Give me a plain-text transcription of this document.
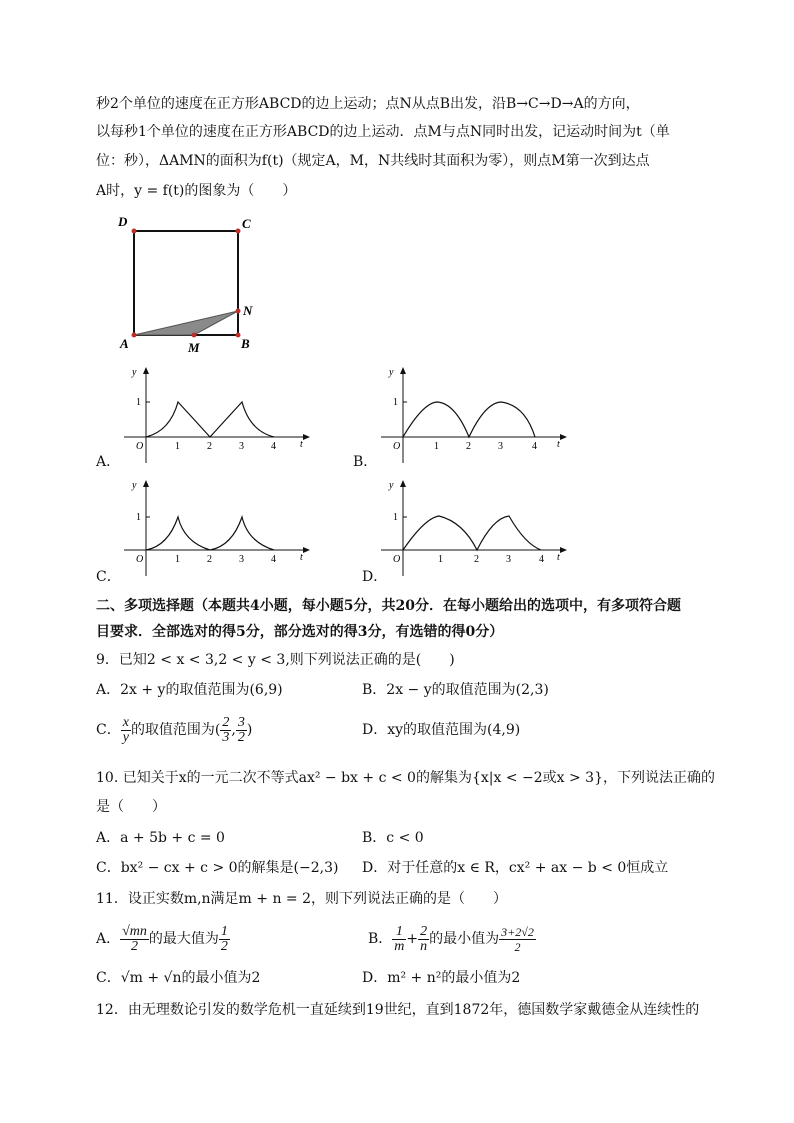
秒2个单位的速度在正方形ABCD的边上运动；点N从点B出发，沿B→C→D→A的方向，
以每秒1个单位的速度在正方形ABCD的边上运动．点M与点N同时出发，记运动时间为t（单
位：秒），ΔAMN的面积为f(t)（规定A，M，N共线时其面积为零），则点M第一次到达点
A时，y = f(t)的图象为（　　）
D	C
A	B
M
N
y
t
O
1
1	2	3	4
A．
y
t
O
1
1	2	3	4
B．
y
t
O
1
1	2	3	4
C．
y
t
O
1
1	2	3	4
D．
二、多项选择题（本题共4小题，每小题5分，共20分．在每小题给出的选项中，有多项符合题
目要求．全部选对的得5分，部分选对的得3分，有选错的得0分）
9．已知2 < x < 3,2 < y < 3,则下列说法正确的是(　　)
A．2x + y的取值范围为(6,9)	B．2x − y的取值范围为(2,3)
C． $\frac{x}{y}$ 的取值范围为( $\frac{2}{3}$ , $\frac{3}{2}$ )	D．xy的取值范围为(4,9)
10. 已知关于x的一元二次不等式ax² − bx + c < 0的解集为{x|x < −2或x > 3}，下列说法正确的
是（　　）
A．a + 5b + c = 0	B．c < 0
C．bx² − cx + c > 0的解集是(−2,3) D．对于任意的x ∈ R，cx² + ax − b < 0恒成立
11．设正实数m,n满足m + n = 2，则下列说法正确的是（　　）
A． $\frac{√mn}{2}$ 的最大值为 $\frac{1}{2}$	B． $\frac{1}{m} + \frac{2}{n}$ 的最小值为 $\frac{3+2√2}{2}$
C．√m + √n的最小值为2	D．m² + n²的最小值为2
12．由无理数论引发的数学危机一直延续到19世纪，直到1872年，德国数学家戴德金从连续性的
